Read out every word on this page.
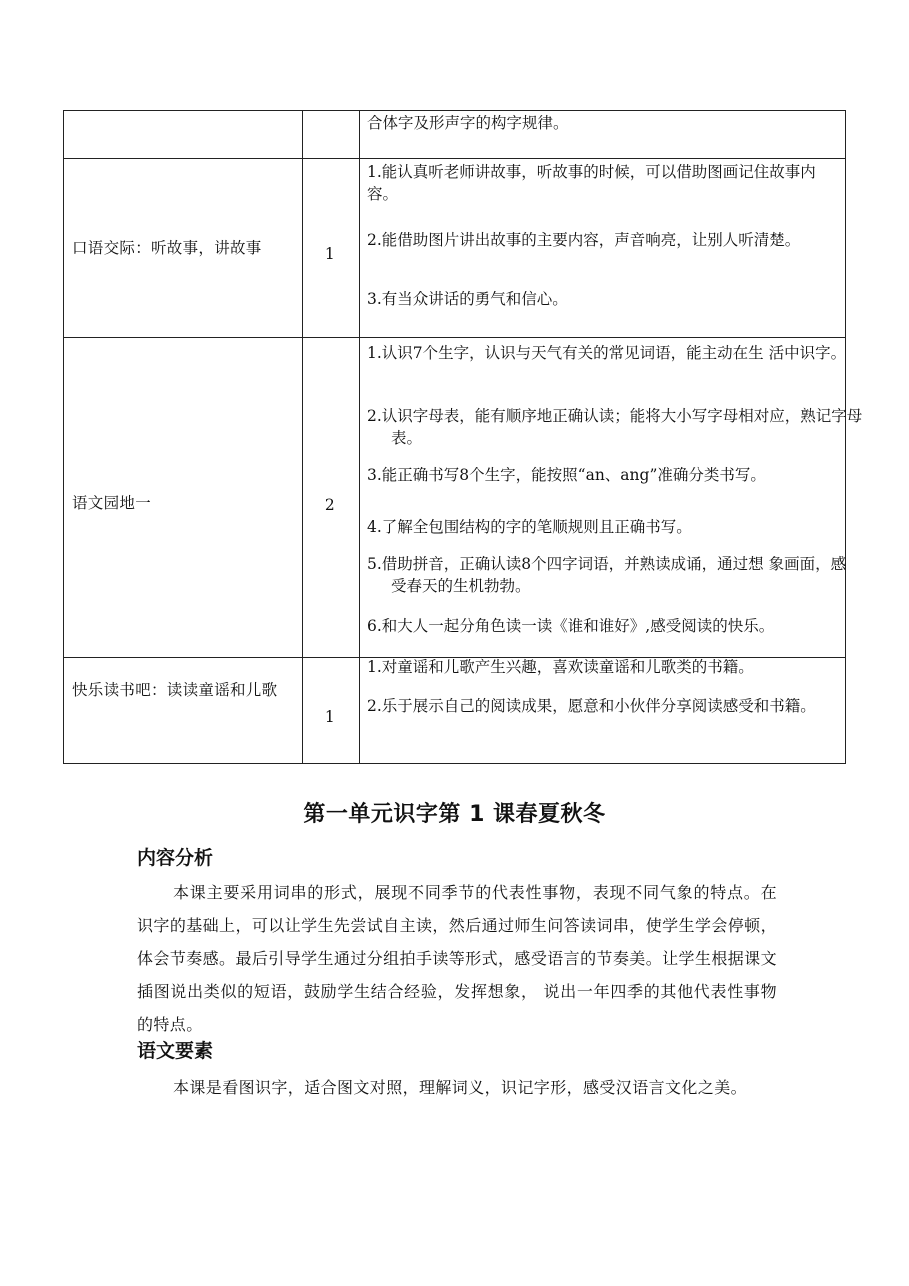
合体字及形声字的构字规律。
口语交际：听故事，讲故事	1
1.能认真听老师讲故事，听故事的时候，可以借助图画记住故事内容。
2.能借助图片讲出故事的主要内容，声音响亮，让别人听清楚。
3.有当众讲话的勇气和信心。
语文园地一	2
1.认识7个生字，认识与天气有关的常见词语，能主动在生 活中识字。
2.认识字母表，能有顺序地正确认读；能将大小写字母相对应，熟记字母表。
3.能正确书写8个生字，能按照“an、ang”准确分类书写。
4.了解全包围结构的字的笔顺规则且正确书写。
5.借助拼音，正确认读8个四字词语，并熟读成诵，通过想 象画面，感受春天的生机勃勃。
6.和大人一起分角色读一读《谁和谁好》,感受阅读的快乐。
快乐读书吧：读读童谣和儿歌
1
1.对童谣和儿歌产生兴趣，喜欢读童谣和儿歌类的书籍。
2.乐于展示自己的阅读成果，愿意和小伙伴分享阅读感受和书籍。
第一单元识字第 1 课春夏秋冬
内容分析
本课主要采用词串的形式，展现不同季节的代表性事物，表现不同气象的特点。在识字的基础上，可以让学生先尝试自主读，然后通过师生问答读词串，使学生学会停顿，体会节奏感。最后引导学生通过分组拍手读等形式，感受语言的节奏美。让学生根据课文插图说出类似的短语，鼓励学生结合经验，发挥想象， 说出一年四季的其他代表性事物的特点。
语文要素
本课是看图识字，适合图文对照，理解词义，识记字形，感受汉语言文化之美。
